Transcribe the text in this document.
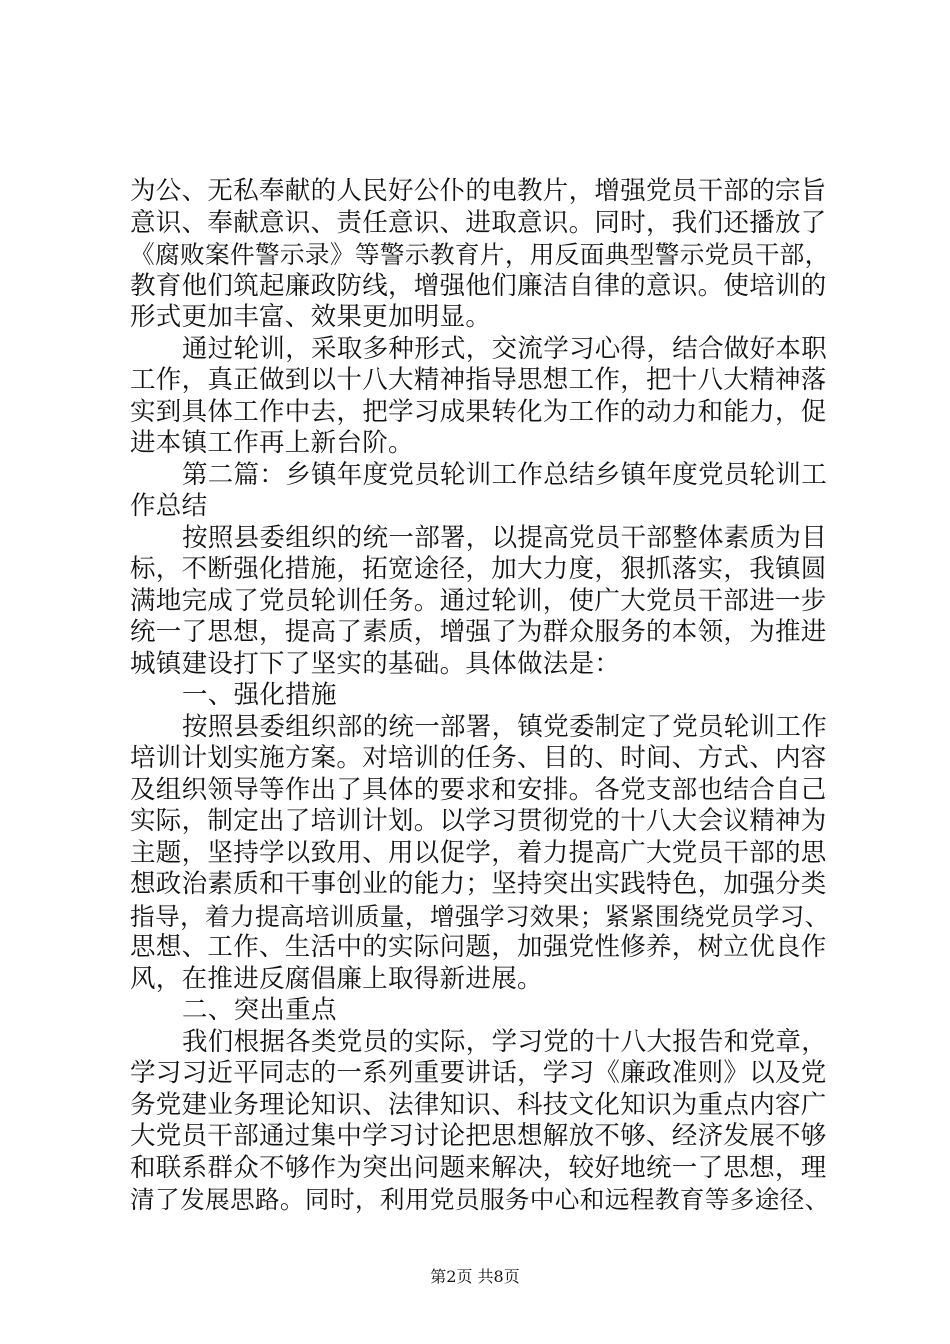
为公、无私奉献的人民好公仆的电教片，增强党员干部的宗旨
意识、奉献意识、责任意识、进取意识。同时，我们还播放了
《腐败案件警示录》等警示教育片，用反面典型警示党员干部，
教育他们筑起廉政防线，增强他们廉洁自律的意识。使培训的
形式更加丰富、效果更加明显。
通过轮训，采取多种形式，交流学习心得，结合做好本职
工作，真正做到以十八大精神指导思想工作，把十八大精神落
实到具体工作中去，把学习成果转化为工作的动力和能力，促
进本镇工作再上新台阶。
第二篇：乡镇年度党员轮训工作总结乡镇年度党员轮训工
作总结
按照县委组织的统一部署，以提高党员干部整体素质为目
标，不断强化措施，拓宽途径，加大力度，狠抓落实，我镇圆
满地完成了党员轮训任务。通过轮训，使广大党员干部进一步
统一了思想，提高了素质，增强了为群众服务的本领，为推进
城镇建设打下了坚实的基础。具体做法是：
一、强化措施
按照县委组织部的统一部署，镇党委制定了党员轮训工作
培训计划实施方案。对培训的任务、目的、时间、方式、内容
及组织领导等作出了具体的要求和安排。各党支部也结合自己
实际，制定出了培训计划。以学习贯彻党的十八大会议精神为
主题，坚持学以致用、用以促学，着力提高广大党员干部的思
想政治素质和干事创业的能力；坚持突出实践特色，加强分类
指导，着力提高培训质量，增强学习效果；紧紧围绕党员学习、
思想、工作、生活中的实际问题，加强党性修养，树立优良作
风，在推进反腐倡廉上取得新进展。
二、突出重点
我们根据各类党员的实际，学习党的十八大报告和党章，
学习习近平同志的一系列重要讲话，学习《廉政准则》以及党
务党建业务理论知识、法律知识、科技文化知识为重点内容广
大党员干部通过集中学习讨论把思想解放不够、经济发展不够
和联系群众不够作为突出问题来解决，较好地统一了思想，理
清了发展思路。同时，利用党员服务中心和远程教育等多途径、
第2页 共8页
